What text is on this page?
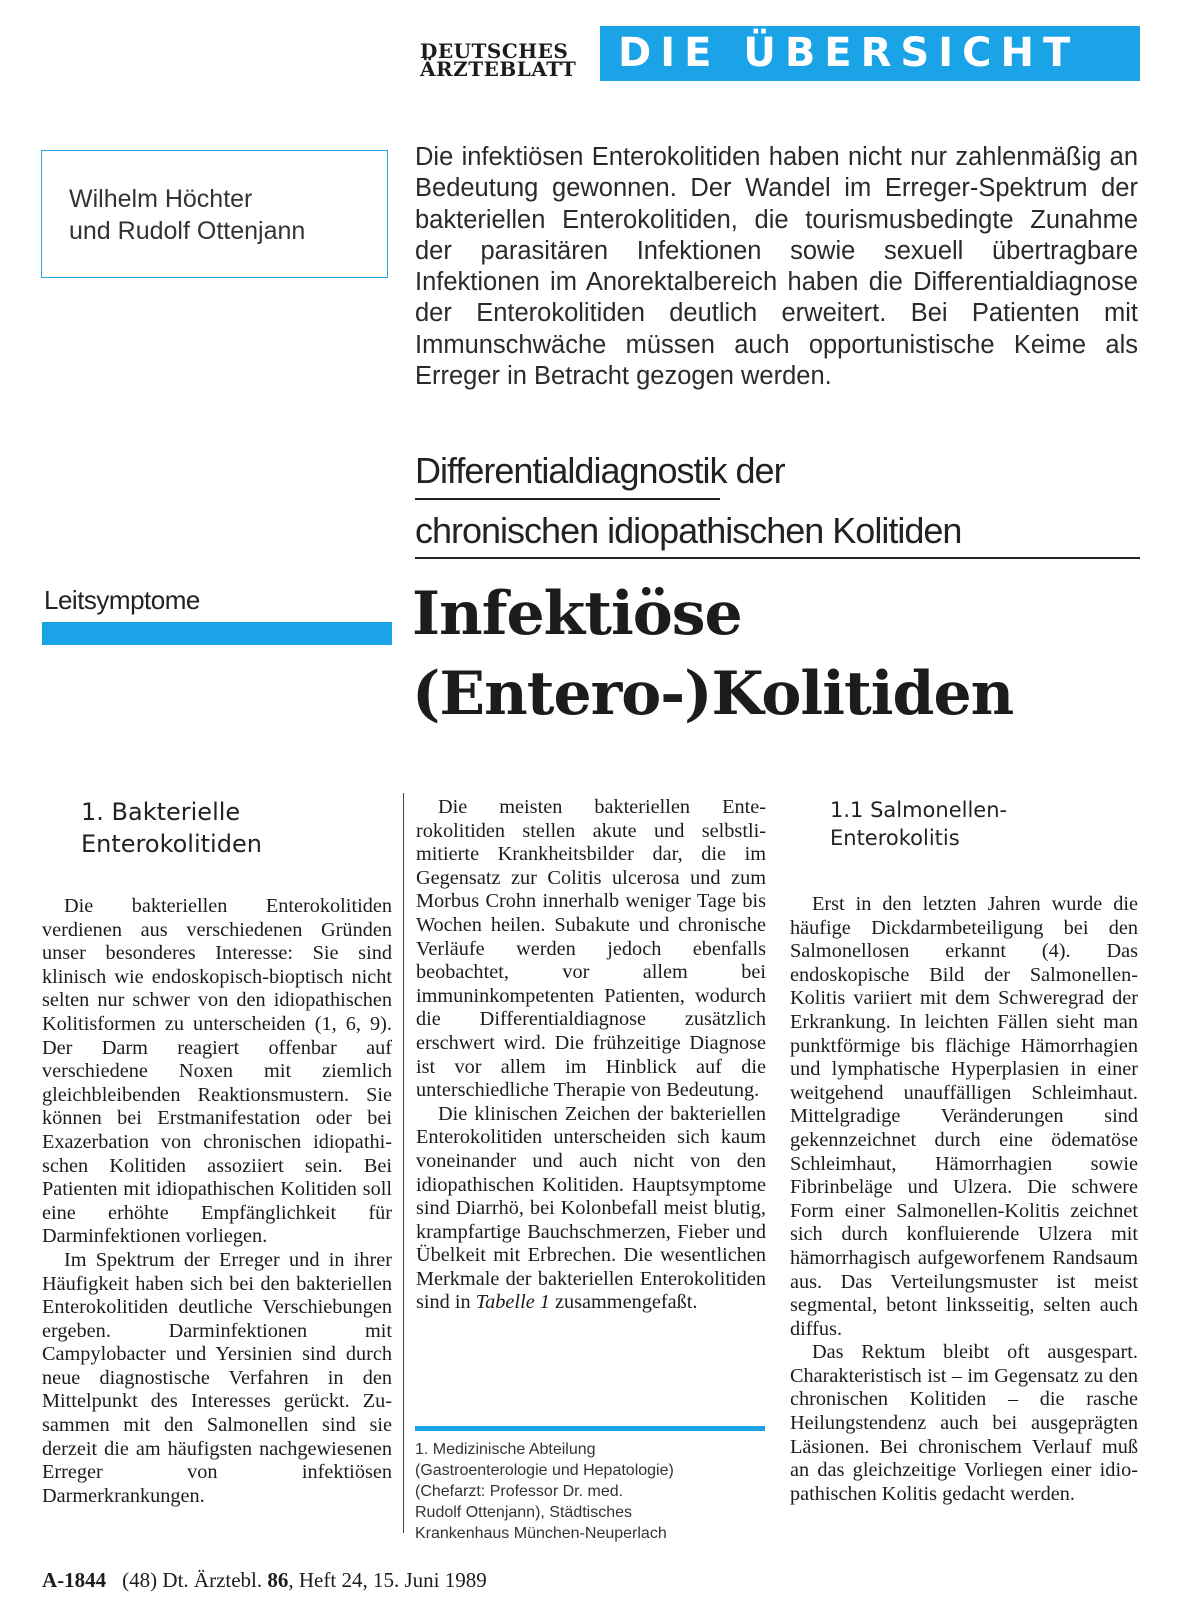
DEUTSCHES
ÄRZTEBLATT	DIE ÜBERSICHT
Wilhelm Höchter
und Rudolf Ottenjann

Die infektiösen Enterokolitiden haben nicht nur zahlenmäßig an Bedeutung gewonnen. Der Wandel im Erreger-Spektrum der bakteriellen Enterokolitiden, die tourismusbedingte Zunahme der parasitären Infektionen sowie sexuell übertragbare Infektionen im Anorektalbereich haben die Differentialdiagnose der Enterokolitiden deutlich erweitert. Bei Patienten mit Immunschwäche müssen auch opportunistische Keime als Erreger in Betracht gezogen werden.

Differentialdiagnostik der
chronischen idiopathischen Kolitiden
Leitsymptome	Infektiöse
(Entero-)Kolitiden
1. Bakterielle
Enterokolitiden

Die bakteriellen Enterokolitiden verdienen aus verschiedenen Gründen unser besonderes Interesse: Sie sind klinisch wie endoskopisch-bioptisch nicht selten nur schwer von den idiopathischen Kolitisformen zu unterscheiden (1, 6, 9). Der Darm reagiert offenbar auf verschiedene Noxen mit ziemlich gleichbleibenden Reaktionsmustern. Sie können bei Erstmanifestation oder bei Exazerbation von chronischen idiopathischen Kolitiden assoziiert sein. Bei Patienten mit idiopathischen Kolitiden soll eine erhöhte Empfänglichkeit für Darminfektionen vorliegen.

Im Spektrum der Erreger und in ihrer Häufigkeit haben sich bei den bakteriellen Enterokolitiden deutliche Verschiebungen ergeben. Darminfektionen mit Campylobacter und Yersinien sind durch neue diagnostische Verfahren in den Mittelpunkt des Interesses gerückt. Zusammen mit den Salmonellen sind sie derzeit die am häufigsten nachgewiesenen Erreger von infektiösen Darmerkrankungen.

Die meisten bakteriellen Enterokolitiden stellen akute und selbstlimitierte Krankheitsbilder dar, die im Gegensatz zur Colitis ulcerosa und zum Morbus Crohn innerhalb weniger Tage bis Wochen heilen. Subakute und chronische Verläufe werden jedoch ebenfalls beobachtet, vor allem bei immuninkompetenten Patienten, wodurch die Differentialdiagnose zusätzlich erschwert wird. Die frühzeitige Diagnose ist vor allem im Hinblick auf die unterschiedliche Therapie von Bedeutung.

Die klinischen Zeichen der bakteriellen Enterokolitiden unterscheiden sich kaum voneinander und auch nicht von den idiopathischen Kolitiden. Hauptsymptome sind Diarrhö, bei Kolonbefall meist blutig, krampfartige Bauchschmerzen, Fieber und Übelkeit mit Erbrechen. Die wesentlichen Merkmale der bakteriellen Enterokolitiden sind in Tabelle 1 zusammengefaßt.

1. Medizinische Abteilung
(Gastroenterologie und Hepatologie)
(Chefarzt: Professor Dr. med.
Rudolf Ottenjann), Städtisches
Krankenhaus München-Neuperlach
1.1 Salmonellen-
Enterokolitis

Erst in den letzten Jahren wurde die häufige Dickdarmbeteiligung bei den Salmonellosen erkannt (4). Das endoskopische Bild der Salmonellen-Kolitis variiert mit dem Schweregrad der Erkrankung. In leichten Fällen sieht man punktförmige bis flächige Hämorrhagien und lymphatische Hyperplasien in einer weitgehend unauffälligen Schleimhaut. Mittelgradige Veränderungen sind gekennzeichnet durch eine ödematöse Schleimhaut, Hämorrhagien sowie Fibrinbeläge und Ulzera. Die schwere Form einer Salmonellen-Kolitis zeichnet sich durch konfluierende Ulzera mit hämorrhagisch aufgeworfenem Randsaum aus. Das Verteilungsmuster ist meist segmental, betont linksseitig, selten auch diffus.

Das Rektum bleibt oft ausgespart. Charakteristisch ist – im Gegensatz zu den chronischen Kolitiden – die rasche Heilungstendenz auch bei ausgeprägten Läsionen. Bei chronischem Verlauf muß an das gleichzeitige Vorliegen einer idiopathischen Kolitis gedacht werden.

A-1844 (48) Dt. Ärztebl. 86, Heft 24, 15. Juni 1989
